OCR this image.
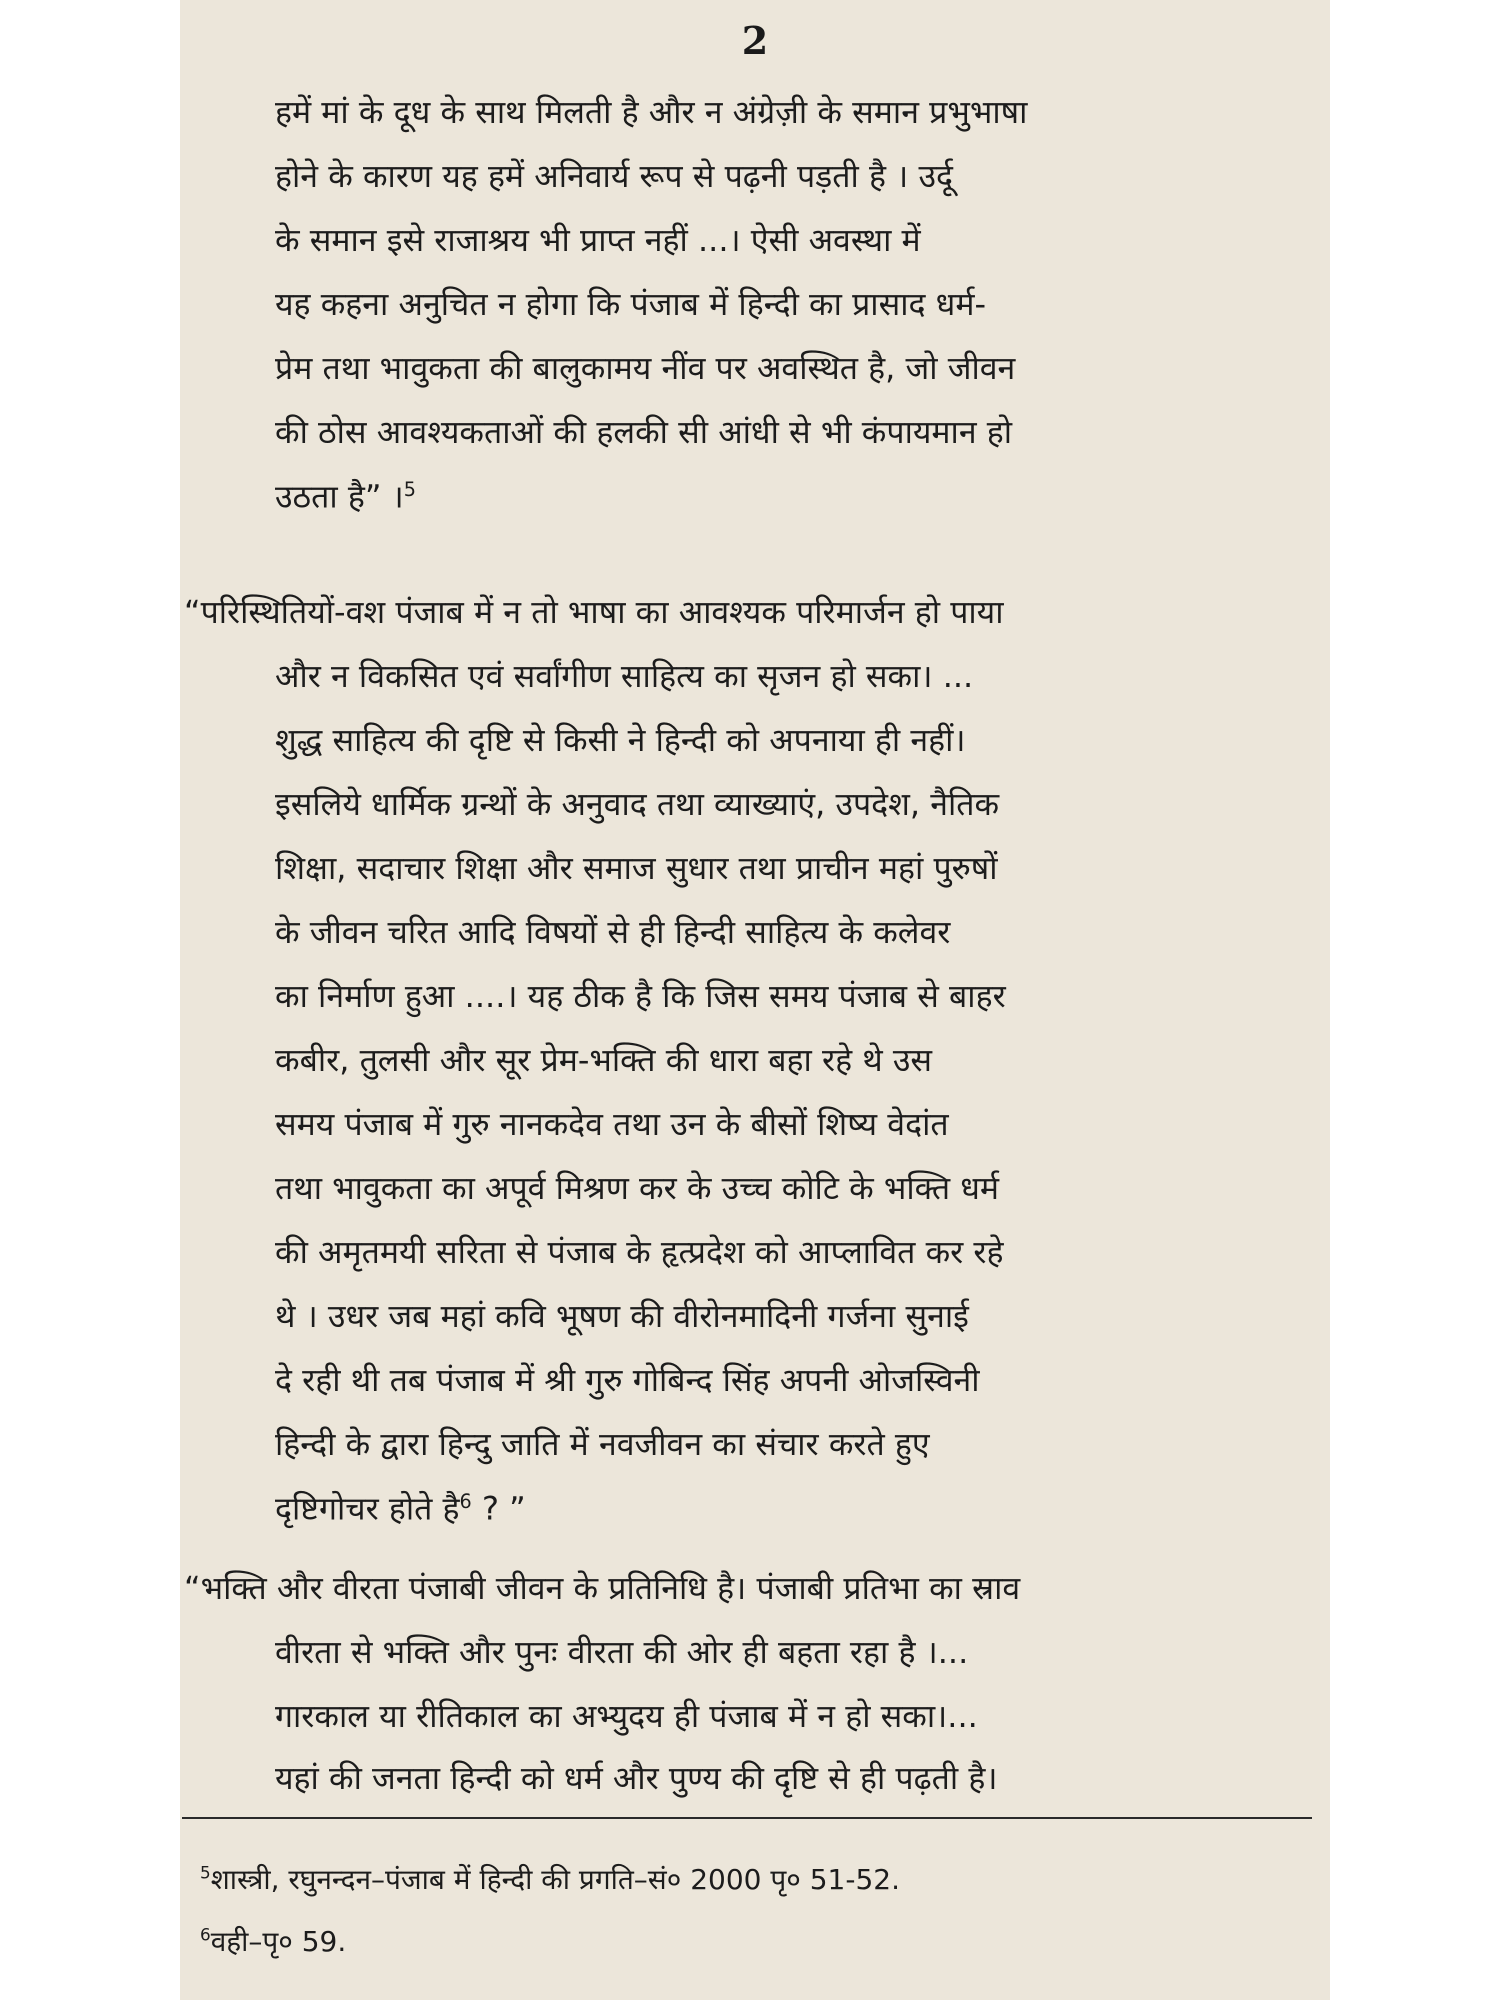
2
हमें मां के दूध के साथ मिलती है और न अंग्रेज़ी के समान प्रभुभाषा
होने के कारण यह हमें अनिवार्य रूप से पढ़नी पड़ती है । उर्दू
के समान इसे राजाश्रय भी प्राप्त नहीं ...। ऐसी अवस्था में
यह कहना अनुचित न होगा कि पंजाब में हिन्दी का प्रासाद धर्म-
प्रेम तथा भावुकता की बालुकामय नींव पर अवस्थित है, जो जीवन
की ठोस आवश्यकताओं की हलकी सी आंधी से भी कंपायमान हो
उठता है” ।$^5$
“परिस्थितियों-वश पंजाब में न तो भाषा का आवश्यक परिमार्जन हो पाया
और न विकसित एवं सर्वांगीण साहित्य का सृजन हो सका। ...
शुद्ध साहित्य की दृष्टि से किसी ने हिन्दी को अपनाया ही नहीं।
इसलिये धार्मिक ग्रन्थों के अनुवाद तथा व्याख्याएं, उपदेश, नैतिक
शिक्षा, सदाचार शिक्षा और समाज सुधार तथा प्राचीन महां पुरुषों
के जीवन चरित आदि विषयों से ही हिन्दी साहित्य के कलेवर
का निर्माण हुआ ....। यह ठीक है कि जिस समय पंजाब से बाहर
कबीर, तुलसी और सूर प्रेम-भक्ति की धारा बहा रहे थे उस
समय पंजाब में गुरु नानकदेव तथा उन के बीसों शिष्य वेदांत
तथा भावुकता का अपूर्व मिश्रण कर के उच्च कोटि के भक्ति धर्म
की अमृतमयी सरिता से पंजाब के हृत्प्रदेश को आप्लावित कर रहे
थे । उधर जब महां कवि भूषण की वीरोनमादिनी गर्जना सुनाई
दे रही थी तब पंजाब में श्री गुरु गोबिन्द सिंह अपनी ओजस्विनी
हिन्दी के द्वारा हिन्दु जाति में नवजीवन का संचार करते हुए
दृष्टिगोचर होते है$^6$ ? ”
“भक्ति और वीरता पंजाबी जीवन के प्रतिनिधि है। पंजाबी प्रतिभा का स्राव
वीरता से भक्ति और पुनः वीरता की ओर ही बहता रहा है ।...
गारकाल या रीतिकाल का अभ्युदय ही पंजाब में न हो सका।...
यहां की जनता हिन्दी को धर्म और पुण्य की दृष्टि से ही पढ़ती है।
$^5$शास्त्री, रघुनन्दन–पंजाब में हिन्दी की प्रगति–सं० 2000 पृ० 51-52.
$^6$वही–पृ० 59.
